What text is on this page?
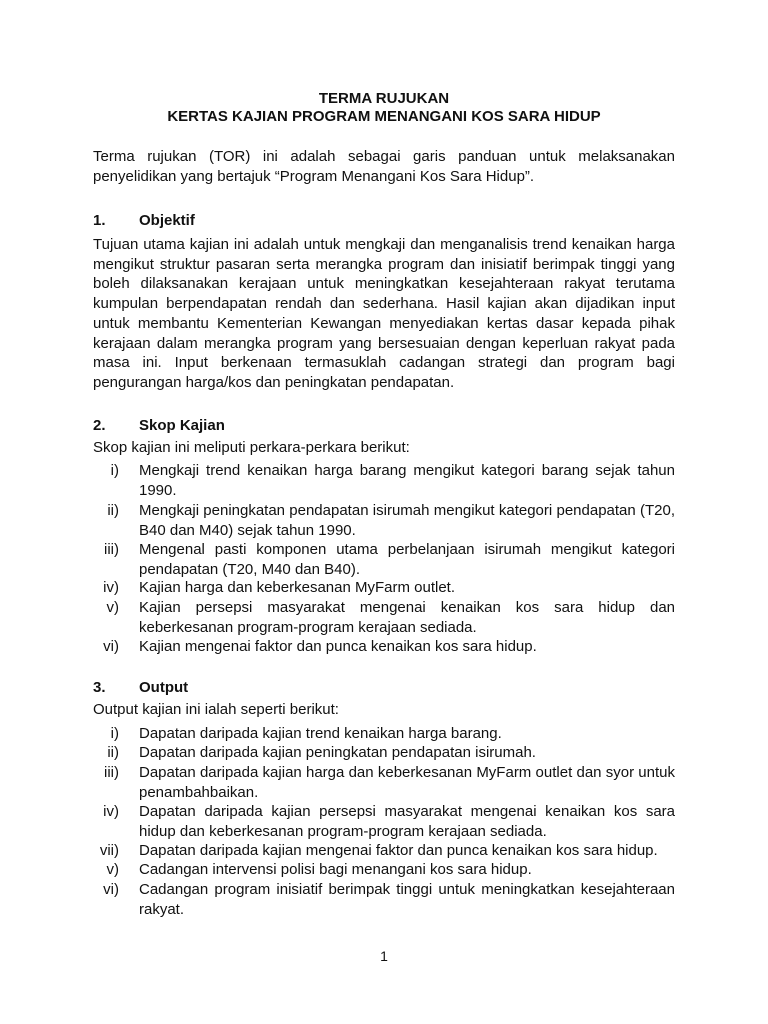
TERMA RUJUKAN
KERTAS KAJIAN PROGRAM MENANGANI KOS SARA HIDUP
Terma rujukan (TOR) ini adalah sebagai garis panduan untuk melaksanakan penyelidikan yang bertajuk “Program Menangani Kos Sara Hidup”.
1. Objektif
Tujuan utama kajian ini adalah untuk mengkaji dan menganalisis trend kenaikan harga mengikut struktur pasaran serta merangka program dan inisiatif berimpak tinggi yang boleh dilaksanakan kerajaan untuk meningkatkan kesejahteraan rakyat terutama kumpulan berpendapatan rendah dan sederhana. Hasil kajian akan dijadikan input untuk membantu Kementerian Kewangan menyediakan kertas dasar kepada pihak kerajaan dalam merangka program yang bersesuaian dengan keperluan rakyat pada masa ini. Input berkenaan termasuklah cadangan strategi dan program bagi pengurangan harga/kos dan peningkatan pendapatan.
2. Skop Kajian
Skop kajian ini meliputi perkara-perkara berikut:
i) Mengkaji trend kenaikan harga barang mengikut kategori barang sejak tahun 1990.
ii) Mengkaji peningkatan pendapatan isirumah mengikut kategori pendapatan (T20, B40 dan M40) sejak tahun 1990.
iii) Mengenal pasti komponen utama perbelanjaan isirumah mengikut kategori pendapatan (T20, M40 dan B40).
iv) Kajian harga dan keberkesanan MyFarm outlet.
v) Kajian persepsi masyarakat mengenai kenaikan kos sara hidup dan keberkesanan program-program kerajaan sediada.
vi) Kajian mengenai faktor dan punca kenaikan kos sara hidup.
3. Output
Output kajian ini ialah seperti berikut:
i) Dapatan daripada kajian trend kenaikan harga barang.
ii) Dapatan daripada kajian peningkatan pendapatan isirumah.
iii) Dapatan daripada kajian harga dan keberkesanan MyFarm outlet dan syor untuk penambahbaikan.
iv) Dapatan daripada kajian persepsi masyarakat mengenai kenaikan kos sara hidup dan keberkesanan program-program kerajaan sediada.
vii) Dapatan daripada kajian mengenai faktor dan punca kenaikan kos sara hidup.
v) Cadangan intervensi polisi bagi menangani kos sara hidup.
vi) Cadangan program inisiatif berimpak tinggi untuk meningkatkan kesejahteraan rakyat.
1
